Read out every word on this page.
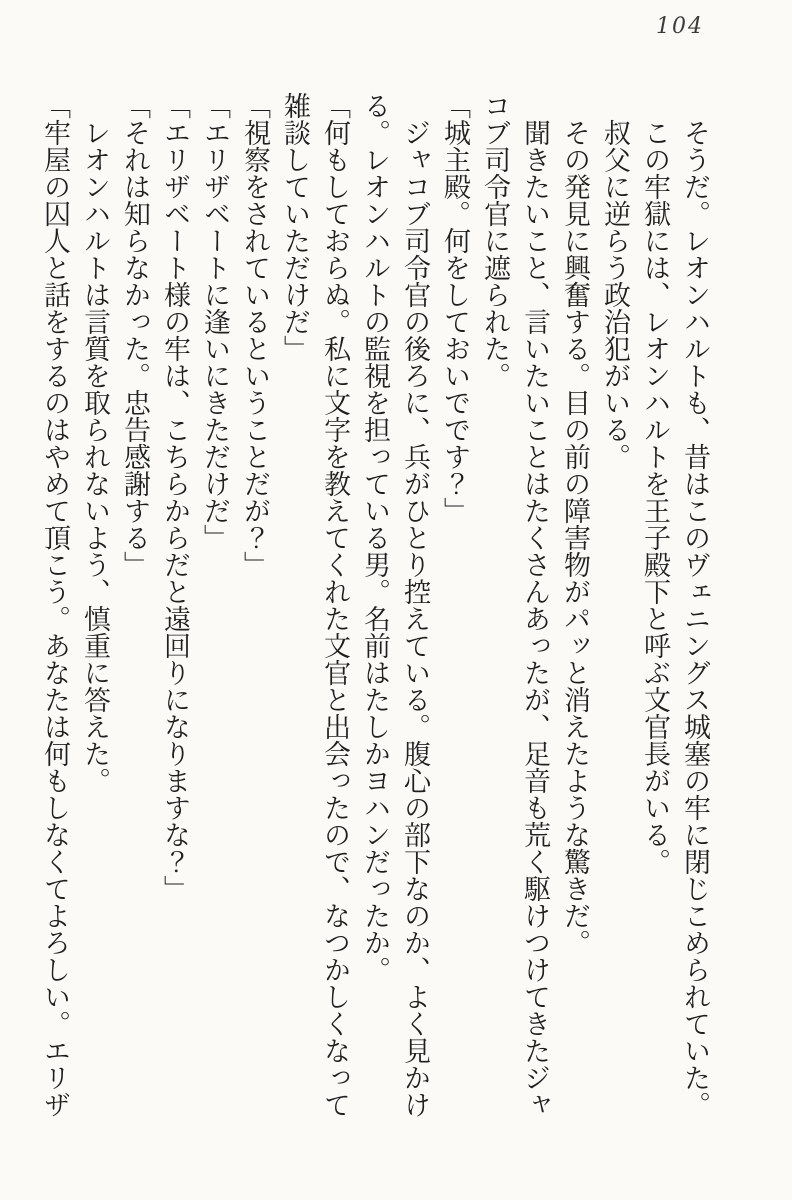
104

そうだ。レオンハルトも、昔はこのヴェニングス城塞の牢に閉じこめられていた。

この牢獄には、レオンハルトを王子殿下と呼ぶ文官長がいる。

叔父に逆らう政治犯がいる。

その発見に興奮する。目の前の障害物がパッと消えたような驚きだ。

聞きたいこと、言いたいことはたくさんあったが、足音も荒く駆けつけてきたジャコブ司令官に遮られた。

「城主殿。何をしておいでです？」

ジャコブ司令官の後ろに、兵がひとり控えている。腹心の部下なのか、よく見かける。レオンハルトの監視を担っている男。名前はたしかヨハンだったか。

「何もしておらぬ。私に文字を教えてくれた文官と出会ったので、なつかしくなって雑談していただけだ」

「視察をされているということだが？」

「エリザベートに逢いにきただけだ」

「エリザベート様の牢は、こちらからだと遠回りになりますな？」

「それは知らなかった。忠告感謝する」

レオンハルトは言質を取られないよう、慎重に答えた。

「牢屋の囚人と話をするのはやめて頂こう。あなたは何もしなくてよろしい。エリザ
